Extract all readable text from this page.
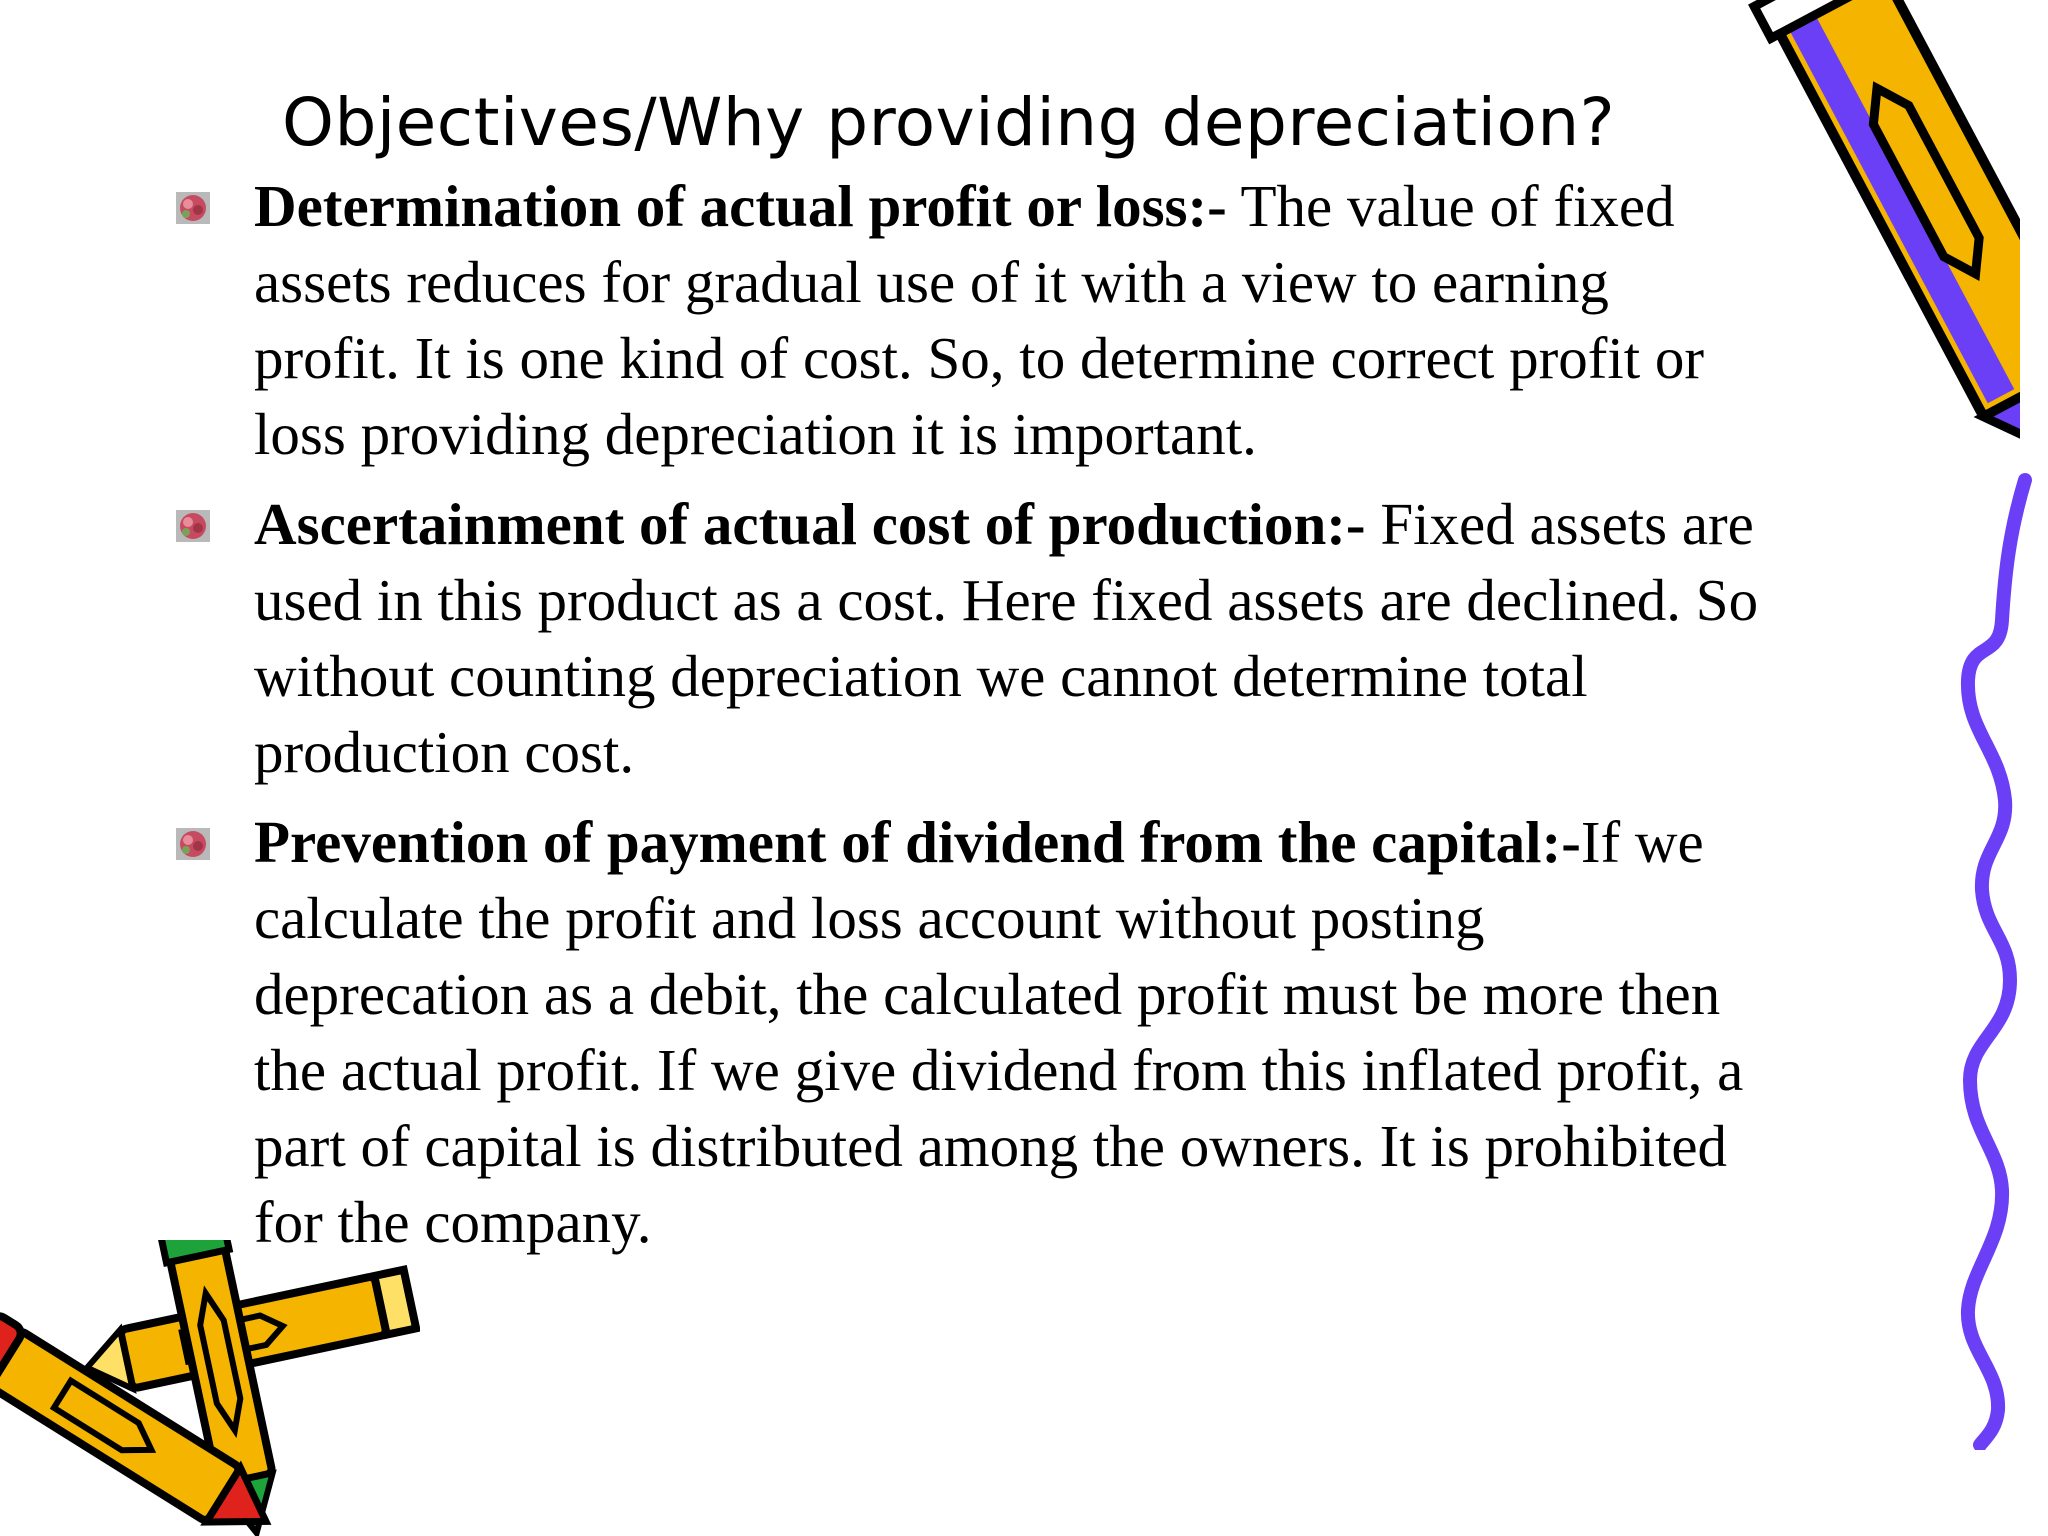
Objectives/Why providing depreciation?
Determination of actual profit or loss:- The value of fixed
assets reduces for gradual use of it with a view to earning
profit. It is one kind of cost. So, to determine correct profit or
loss providing depreciation it is important.
Ascertainment of actual cost of production:- Fixed assets are
used in this product as a cost. Here fixed assets are declined. So
without counting depreciation we cannot determine total
production cost.
Prevention of payment of dividend from the capital:-If we
calculate the profit and loss account without posting
deprecation as a debit, the calculated profit must be more then
the actual profit. If we give dividend from this inflated profit, a
part of capital is distributed among the owners. It is prohibited
for the company.
